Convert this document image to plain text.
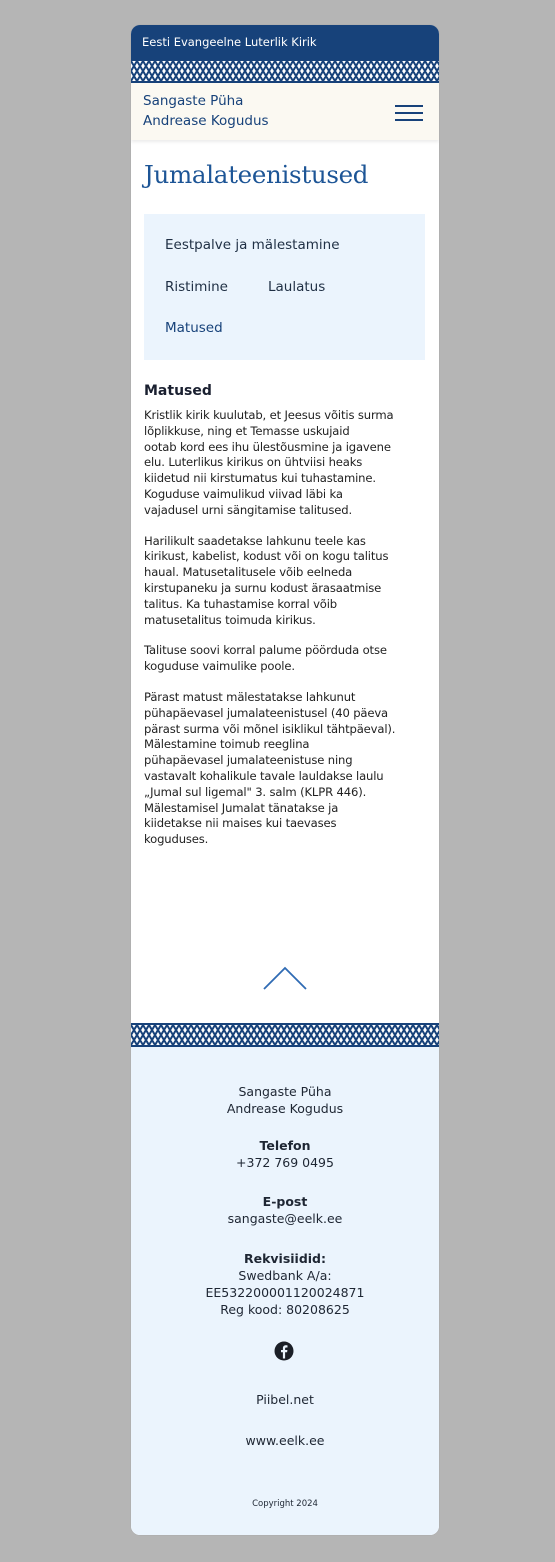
Eesti Evangeelne Luterlik Kirik
Sangaste Püha
Andrease Kogudus
Jumalateenistused
Eestpalve ja mälestamine
Ristimine	Laulatus
Matused
Matused

Kristlik kirik kuulutab, et Jeesus võitis surma
lõplikkuse, ning et Temasse uskujaid
ootab kord ees ihu ülestõusmine ja igavene
elu. Luterlikus kirikus on ühtviisi heaks
kiidetud nii kirstumatus kui tuhastamine.
Koguduse vaimulikud viivad läbi ka
vajadusel urni sängitamise talitused.

Harilikult saadetakse lahkunu teele kas
kirikust, kabelist, kodust või on kogu talitus
haual. Matusetalitusele võib eelneda
kirstupaneku ja surnu kodust ärasaatmise
talitus. Ka tuhastamise korral võib
matusetalitus toimuda kirikus.

Talituse soovi korral palume pöörduda otse
koguduse vaimulike poole.

Pärast matust mälestatakse lahkunut
pühapäevasel jumalateenistusel (40 päeva
pärast surma või mõnel isiklikul tähtpäeval).
Mälestamine toimub reeglina
pühapäevasel jumalateenistuse ning
vastavalt kohalikule tavale lauldakse laulu
„Jumal sul ligemal" 3. salm (KLPR 446).
Mälestamisel Jumalat tänatakse ja
kiidetakse nii maises kui taevases
koguduses.

Sangaste Püha
Andrease Kogudus
Telefon
+372 769 0495
E-post
sangaste@eelk.ee
Rekvisiidid:
Swedbank A/a:
EE532200001120024871
Reg kood: 80208625
Piibel.net
www.eelk.ee
Copyright 2024
